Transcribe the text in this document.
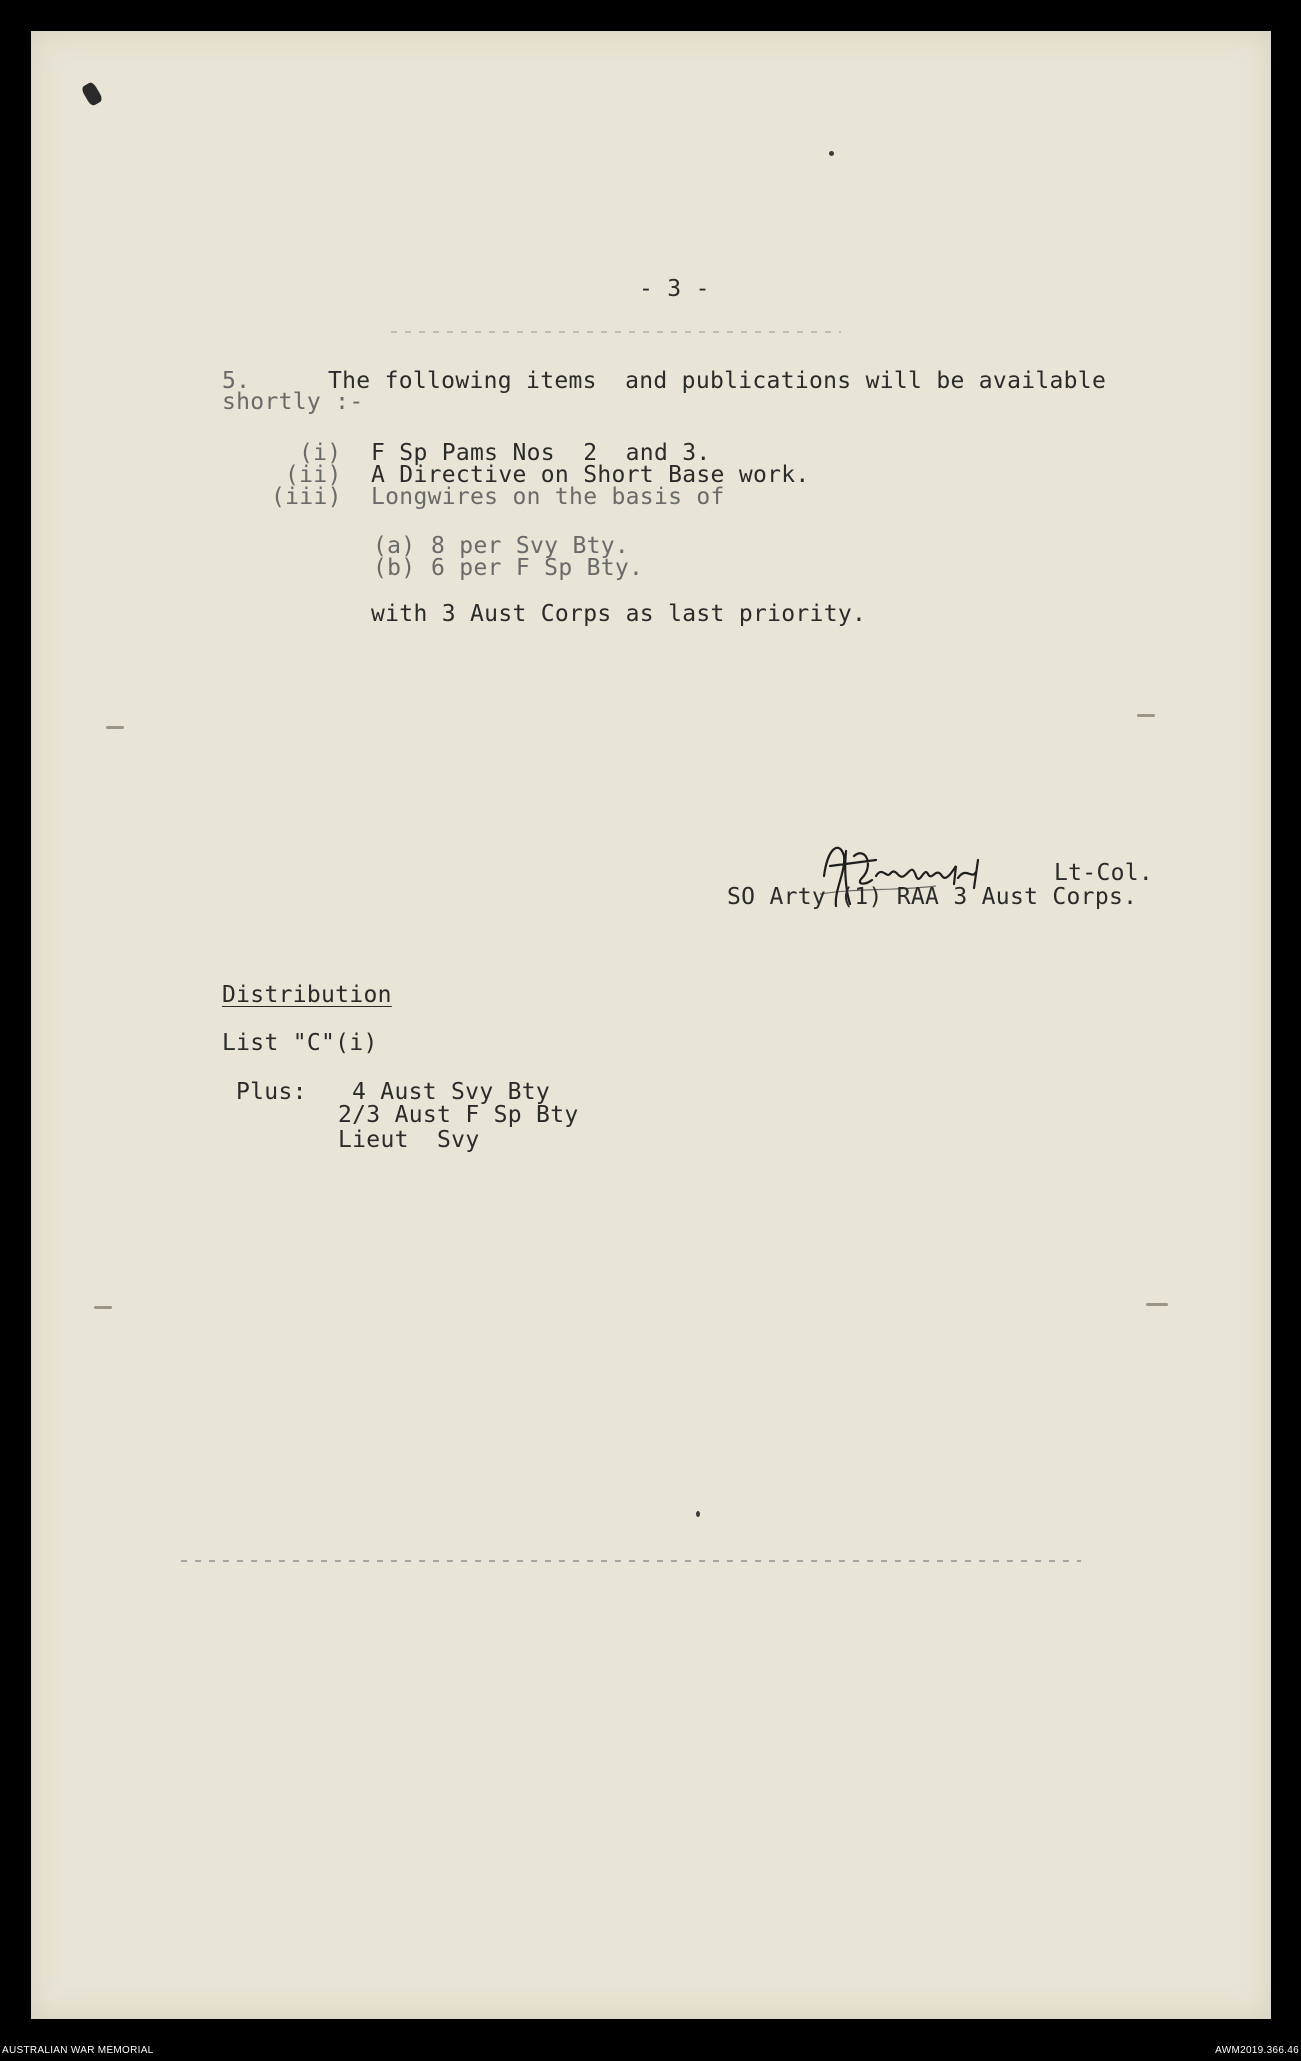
- 3 -
5.	The following items  and publications will be available
shortly :-
(i) F Sp Pams Nos  2  and 3.
(ii) A Directive on Short Base work.
(iii) Longwires on the basis of
(a) 8 per Svy Bty.
(b) 6 per F Sp Bty.
with 3 Aust Corps as last priority.
Lt-Col.
SO Arty (1) RAA 3 Aust Corps.
Distribution
List "C"(i)
Plus: 4 Aust Svy Bty
2/3 Aust F Sp Bty
Lieut  Svy
AUSTRALIAN WAR MEMORIAL	AWM2019.366.46
